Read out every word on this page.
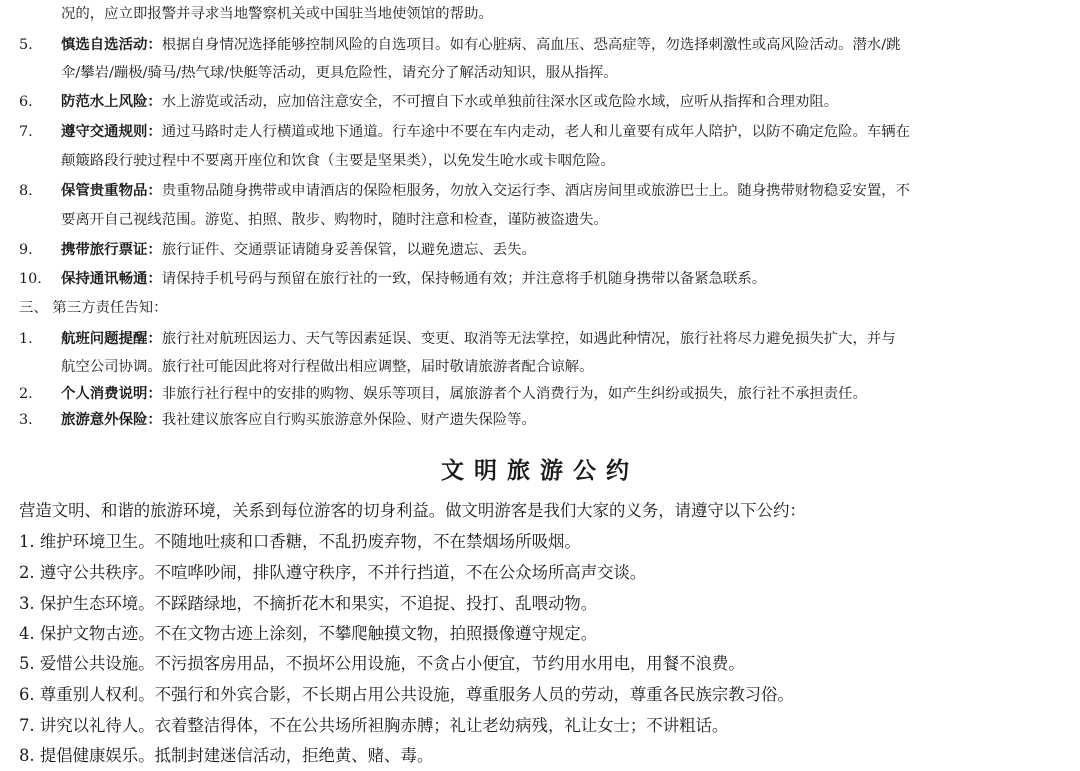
况的，应立即报警并寻求当地警察机关或中国驻当地使领馆的帮助。
5. 慎选自选活动：根据自身情况选择能够控制风险的自选项目。如有心脏病、高血压、恐高症等，勿选择刺激性或高风险活动。潜水/跳
伞/攀岩/蹦极/骑马/热气球/快艇等活动，更具危险性，请充分了解活动知识，服从指挥。
6. 防范水上风险：水上游览或活动，应加倍注意安全，不可擅自下水或单独前往深水区或危险水域，应听从指挥和合理劝阻。
7. 遵守交通规则：通过马路时走人行横道或地下通道。行车途中不要在车内走动，老人和儿童要有成年人陪护，以防不确定危险。车辆在
颠簸路段行驶过程中不要离开座位和饮食（主要是坚果类），以免发生呛水或卡咽危险。
8. 保管贵重物品：贵重物品随身携带或申请酒店的保险柜服务，勿放入交运行李、酒店房间里或旅游巴士上。随身携带财物稳妥安置，不
要离开自己视线范围。游览、拍照、散步、购物时，随时注意和检查，谨防被盗遗失。
9. 携带旅行票证：旅行证件、交通票证请随身妥善保管，以避免遗忘、丢失。
10. 保持通讯畅通：请保持手机号码与预留在旅行社的一致，保持畅通有效；并注意将手机随身携带以备紧急联系。
三、 第三方责任告知：
1. 航班问题提醒：旅行社对航班因运力、天气等因素延误、变更、取消等无法掌控，如遇此种情况，旅行社将尽力避免损失扩大，并与
航空公司协调。旅行社可能因此将对行程做出相应调整，届时敬请旅游者配合谅解。
2. 个人消费说明：非旅行社行程中的安排的购物、娱乐等项目，属旅游者个人消费行为，如产生纠纷或损失，旅行社不承担责任。
3. 旅游意外保险：我社建议旅客应自行购买旅游意外保险、财产遗失保险等。
文明旅游公约
营造文明、和谐的旅游环境，关系到每位游客的切身利益。做文明游客是我们大家的义务，请遵守以下公约：
1. 维护环境卫生。不随地吐痰和口香糖，不乱扔废弃物，不在禁烟场所吸烟。
2. 遵守公共秩序。不喧哗吵闹，排队遵守秩序，不并行挡道，不在公众场所高声交谈。
3. 保护生态环境。不踩踏绿地，不摘折花木和果实，不追捉、投打、乱喂动物。
4. 保护文物古迹。不在文物古迹上涂刻，不攀爬触摸文物，拍照摄像遵守规定。
5. 爱惜公共设施。不污损客房用品，不损坏公用设施，不贪占小便宜，节约用水用电，用餐不浪费。
6. 尊重别人权利。不强行和外宾合影，不长期占用公共设施，尊重服务人员的劳动，尊重各民族宗教习俗。
7. 讲究以礼待人。衣着整洁得体，不在公共场所袒胸赤膊；礼让老幼病残，礼让女士；不讲粗话。
8. 提倡健康娱乐。抵制封建迷信活动，拒绝黄、赌、毒。
